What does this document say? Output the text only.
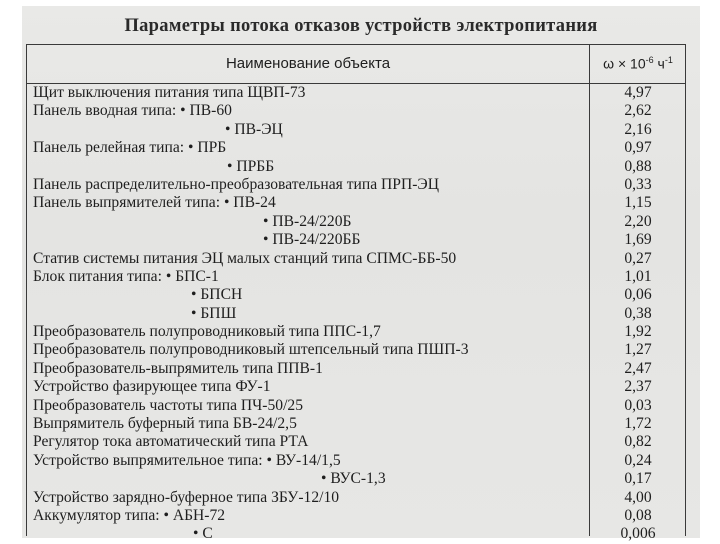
Параметры потока отказов устройств электропитания
Наименование объекта	$\omega \times 10^{-6}$ $ч^{-1}$
Щит выключения питания типа ЩВП-73	4,97
Панель вводная типа: • ПВ-60	2,62
• ПВ-ЭЦ	2,16
Панель релейная типа: • ПРБ	0,97
• ПРББ	0,88
Панель распределительно-преобразовательная типа ПРП-ЭЦ	0,33
Панель выпрямителей типа: • ПВ-24	1,15
• ПВ-24/220Б	2,20
• ПВ-24/220ББ	1,69
Статив системы питания ЭЦ малых станций типа СПМС-ББ-50	0,27
Блок питания типа: • БПС-1	1,01
• БПСН	0,06
• БПШ	0,38
Преобразователь полупроводниковый типа ППС-1,7	1,92
Преобразователь полупроводниковый штепсельный типа ПШП-3	1,27
Преобразователь-выпрямитель типа ППВ-1	2,47
Устройство фазирующее типа ФУ-1	2,37
Преобразователь частоты типа ПЧ-50/25	0,03
Выпрямитель буферный типа БВ-24/2,5	1,72
Регулятор тока автоматический типа РТА	0,82
Устройство выпрямительное типа: • ВУ-14/1,5	0,24
• ВУС-1,3	0,17
Устройство зарядно-буферное типа ЗБУ-12/10	4,00
Аккумулятор типа: • АБН-72	0,08
• С	0,006
